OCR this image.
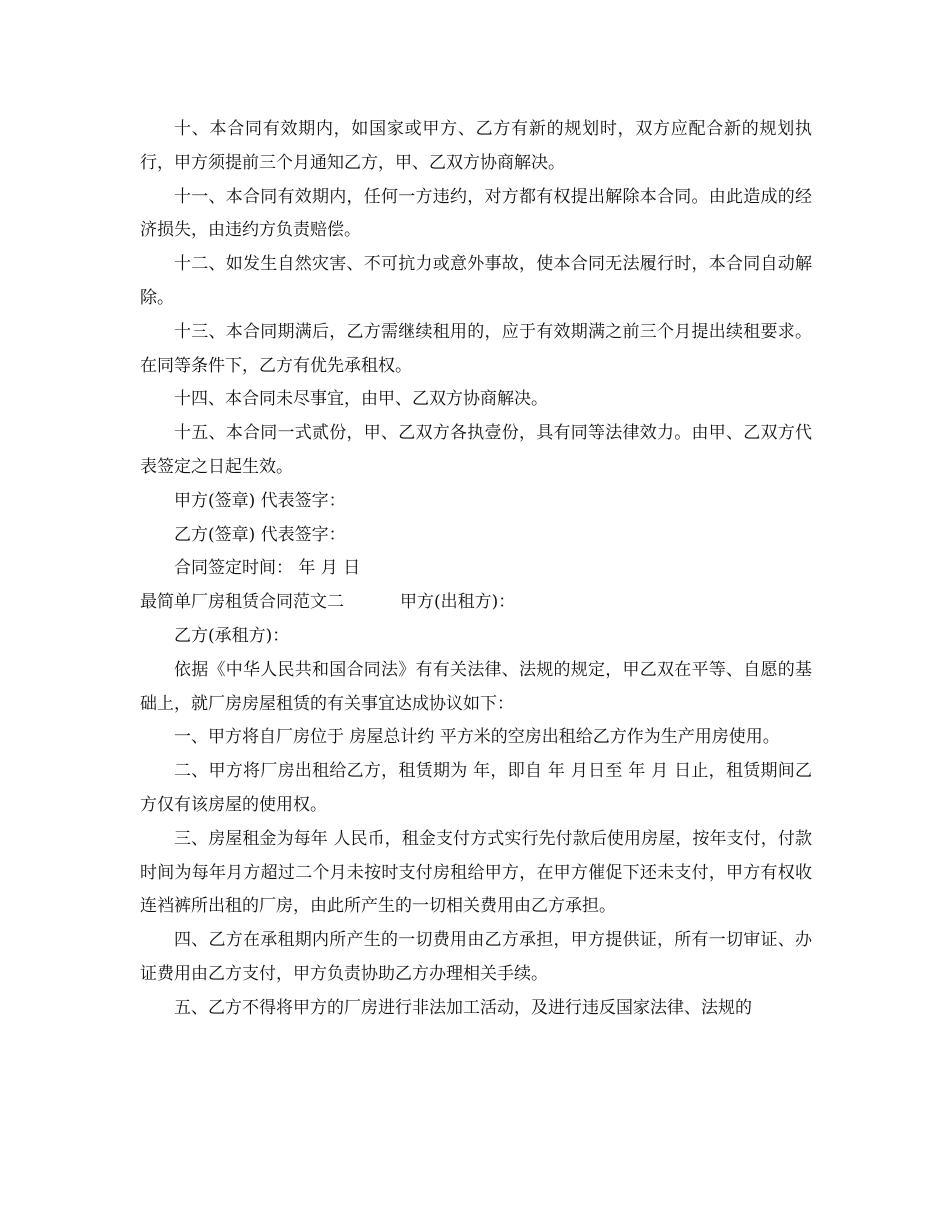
十、本合同有效期内，如国家或甲方、乙方有新的规划时，双方应配合新的规划执行，甲方须提前三个月通知乙方，甲、乙双方协商解决。

十一、本合同有效期内，任何一方违约，对方都有权提出解除本合同。由此造成的经济损失，由违约方负责赔偿。

十二、如发生自然灾害、不可抗力或意外事故，使本合同无法履行时，本合同自动解除。

十三、本合同期满后，乙方需继续租用的，应于有效期满之前三个月提出续租要求。在同等条件下，乙方有优先承租权。

十四、本合同未尽事宜，由甲、乙双方协商解决。

十五、本合同一式贰份，甲、乙双方各执壹份，具有同等法律效力。由甲、乙双方代表签定之日起生效。

甲方(签章) 代表签字：

乙方(签章) 代表签字：

合同签定时间： 年 月 日

最简单厂房租赁合同范文二	甲方(出租方)：

乙方(承租方)：

依据《中华人民共和国合同法》有有关法律、法规的规定，甲乙双在平等、自愿的基础上，就厂房房屋租赁的有关事宜达成协议如下：

一、甲方将自厂房位于 房屋总计约 平方米的空房出租给乙方作为生产用房使用。

二、甲方将厂房出租给乙方，租赁期为 年，即自 年 月日至 年 月 日止，租赁期间乙方仅有该房屋的使用权。

三、房屋租金为每年 人民币，租金支付方式实行先付款后使用房屋，按年支付，付款时间为每年月方超过二个月未按时支付房租给甲方，在甲方催促下还未支付，甲方有权收连裆裤所出租的厂房，由此所产生的一切相关费用由乙方承担。

四、乙方在承租期内所产生的一切费用由乙方承担，甲方提供证，所有一切审证、办证费用由乙方支付，甲方负责协助乙方办理相关手续。

五、乙方不得将甲方的厂房进行非法加工活动，及进行违反国家法律、法规的
